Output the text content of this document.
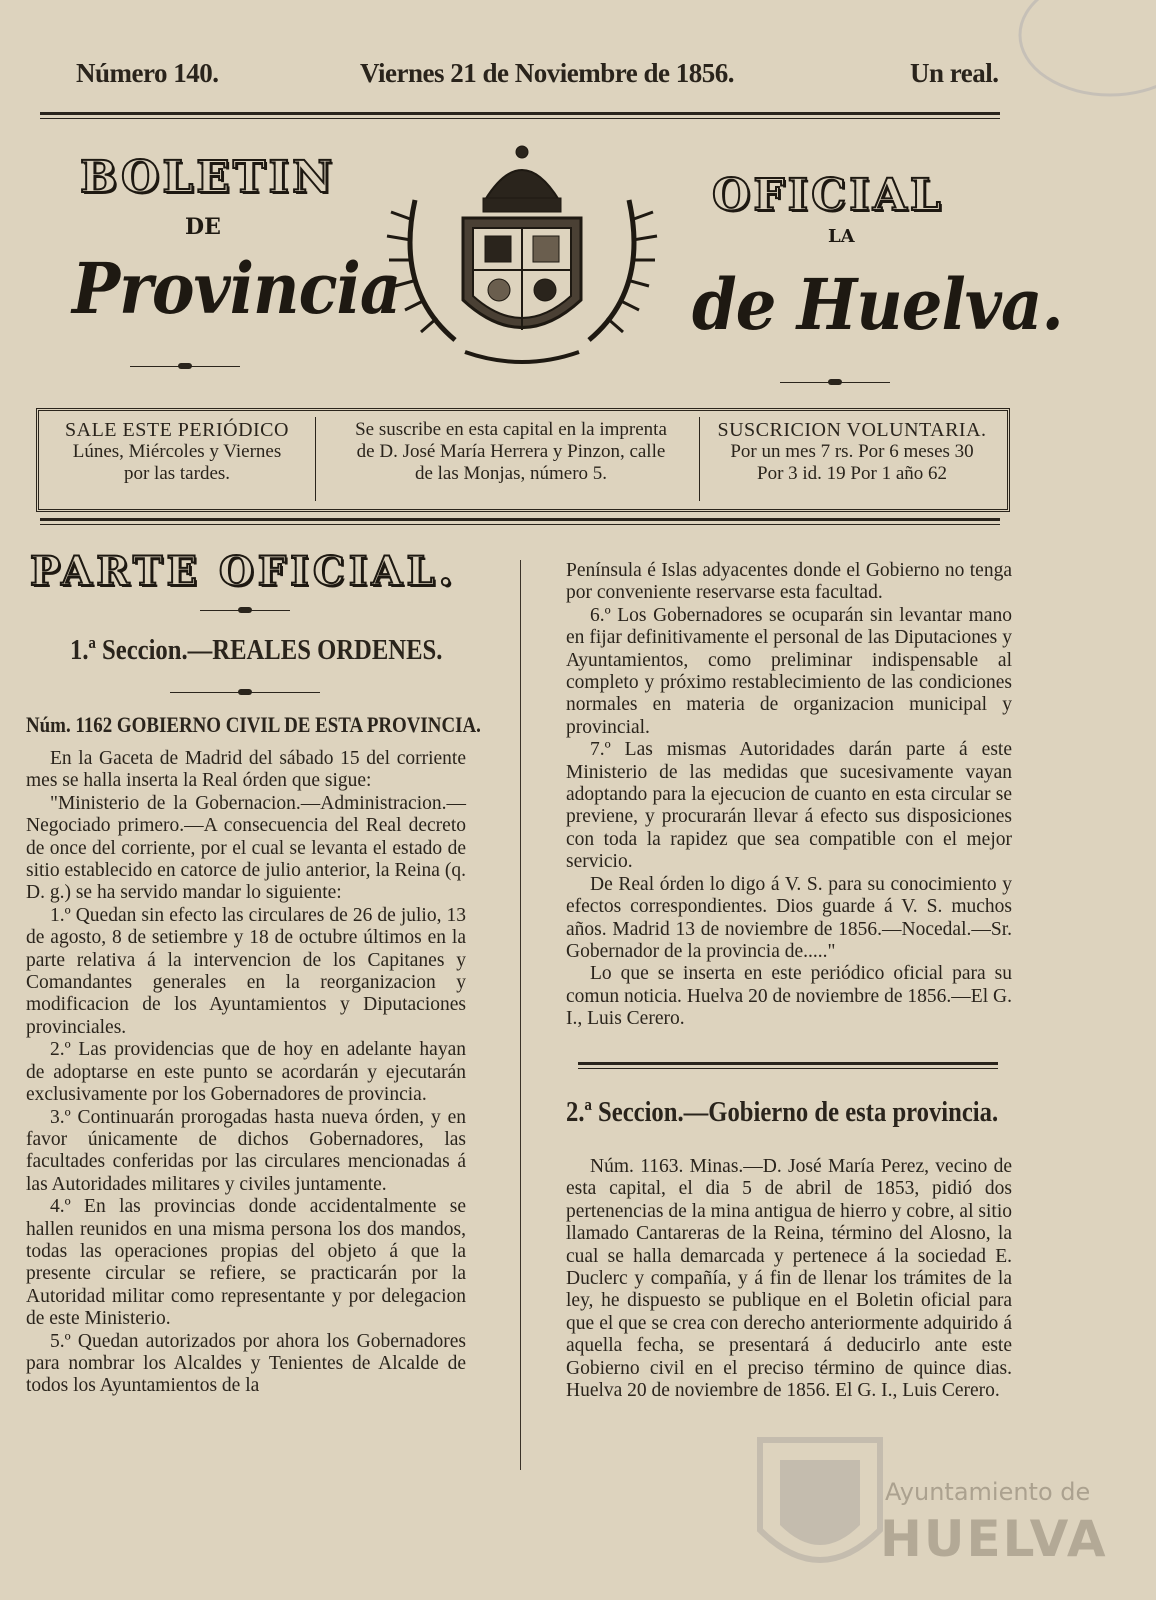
Número 140.	Viernes 21 de Noviembre de 1856.	Un real.
BOLETIN
DE
Provincia
OFICIAL
LA
de Huelva.
SALE ESTE PERIÓDICO
Lúnes, Miércoles y Viernes
por las tardes.
Se suscribe en esta capital en la imprenta
de D. José María Herrera y Pinzon, calle
de las Monjas, número 5.
SUSCRICION VOLUNTARIA.
Por un mes 7 rs. Por 6 meses 30
Por 3 id. 19 Por 1 año 62
PARTE OFICIAL.
1.ª Seccion.—REALES ORDENES.
Núm. 1162 GOBIERNO CIVIL DE ESTA PROVINCIA.

En la Gaceta de Madrid del sábado 15 del corriente mes se halla inserta la Real órden que sigue:

"Ministerio de la Gobernacion.—Administracion.—Negociado primero.—A consecuencia del Real decreto de once del corriente, por el cual se levanta el estado de sitio establecido en catorce de julio anterior, la Reina (q. D. g.) se ha servido mandar lo siguiente:

1.º Quedan sin efecto las circulares de 26 de julio, 13 de agosto, 8 de setiembre y 18 de octubre últimos en la parte relativa á la intervencion de los Capitanes y Comandantes generales en la reorganizacion y modificacion de los Ayuntamientos y Diputaciones provinciales.

2.º Las providencias que de hoy en adelante hayan de adoptarse en este punto se acordarán y ejecutarán exclusivamente por los Gobernadores de provincia.

3.º Continuarán prorogadas hasta nueva órden, y en favor únicamente de dichos Gobernadores, las facultades conferidas por las circulares mencionadas á las Autoridades militares y civiles juntamente.

4.º En las provincias donde accidentalmente se hallen reunidos en una misma persona los dos mandos, todas las operaciones propias del objeto á que la presente circular se refiere, se practicarán por la Autoridad militar como representante y por delegacion de este Ministerio.

5.º Quedan autorizados por ahora los Gobernadores para nombrar los Alcaldes y Tenientes de Alcalde de todos los Ayuntamientos de la

Península é Islas adyacentes donde el Gobierno no tenga por conveniente reservarse esta facultad.

6.º Los Gobernadores se ocuparán sin levantar mano en fijar definitivamente el personal de las Diputaciones y Ayuntamientos, como preliminar indispensable al completo y próximo restablecimiento de las condiciones normales en materia de organizacion municipal y provincial.

7.º Las mismas Autoridades darán parte á este Ministerio de las medidas que sucesivamente vayan adoptando para la ejecucion de cuanto en esta circular se previene, y procurarán llevar á efecto sus disposiciones con toda la rapidez que sea compatible con el mejor servicio.

De Real órden lo digo á V. S. para su conocimiento y efectos correspondientes. Dios guarde á V. S. muchos años. Madrid 13 de noviembre de 1856.—Nocedal.—Sr. Gobernador de la provincia de....."

Lo que se inserta en este periódico oficial para su comun noticia. Huelva 20 de noviembre de 1856.—El G. I., Luis Cerero.

2.ª Seccion.—Gobierno de esta provincia.

Núm. 1163. Minas.—D. José María Perez, vecino de esta capital, el dia 5 de abril de 1853, pidió dos pertenencias de la mina antigua de hierro y cobre, al sitio llamado Cantareras de la Reina, término del Alosno, la cual se halla demarcada y pertenece á la sociedad E. Duclerc y compañía, y á fin de llenar los trámites de la ley, he dispuesto se publique en el Boletin oficial para que el que se crea con derecho anteriormente adquirido á aquella fecha, se presentará á deducirlo ante este Gobierno civil en el preciso término de quince dias. Huelva 20 de noviembre de 1856. El G. I., Luis Cerero.

Ayuntamiento de
HUELVA
